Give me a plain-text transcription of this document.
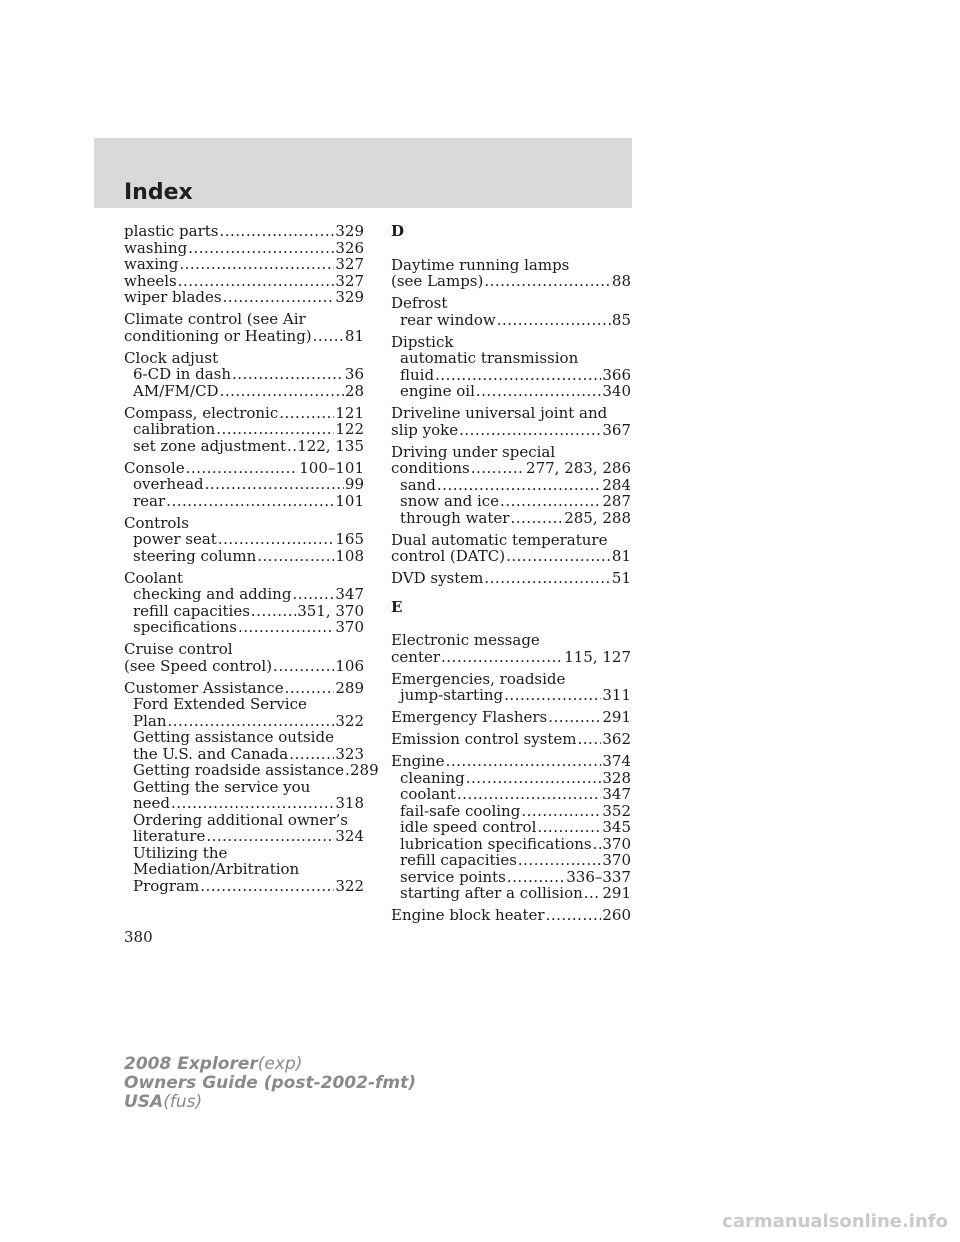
Index
plastic parts .....	329
washing .....	326
waxing .....	327
wheels .....	327
wiper blades .....	329
Climate control (see Air
conditioning or Heating) ..... 81
Clock adjust
6-CD in dash .....	36
AM/FM/CD .....	28
Compass, electronic .....	121
calibration .....	122
set zone adjustment ..... 122, 135
Console .....	100–101
overhead .....	99
rear .....	101
Controls
power seat .....	165
steering column .....	108
Coolant
checking and adding .....	347
refill capacities .....	351, 370
specifications .....	370
Cruise control
(see Speed control) .....	106
Customer Assistance .....	289
Ford Extended Service
Plan .....	322
Getting assistance outside
the U.S. and Canada .....	323
Getting roadside assistance ..... 289
Getting the service you
need .....	318
Ordering additional owner’s
literature .....	324
Utilizing the
Mediation/Arbitration
Program .....	322
D
Daytime running lamps
(see Lamps) .....	88
Defrost
rear window .....	85
Dipstick
automatic transmission
fluid .....	366
engine oil .....	340
Driveline universal joint and
slip yoke .....	367
Driving under special
conditions .....	277, 283, 286
sand .....	284
snow and ice .....	287
through water .....	285, 288
Dual automatic temperature
control (DATC) .....	81
DVD system .....	51
E
Electronic message
center .....	115, 127
Emergencies, roadside
jump-starting .....	311
Emergency Flashers .....	291
Emission control system ..... 362
Engine .....	374
cleaning .....	328
coolant .....	347
fail-safe cooling .....	352
idle speed control .....	345
lubrication specifications ..... 370
refill capacities .....	370
service points .....	336–337
starting after a collision ..... 291
Engine block heater .....	260
380
2008 Explorer(exp)
Owners Guide (post-2002-fmt)
USA(fus)
carmanualsonline.info
